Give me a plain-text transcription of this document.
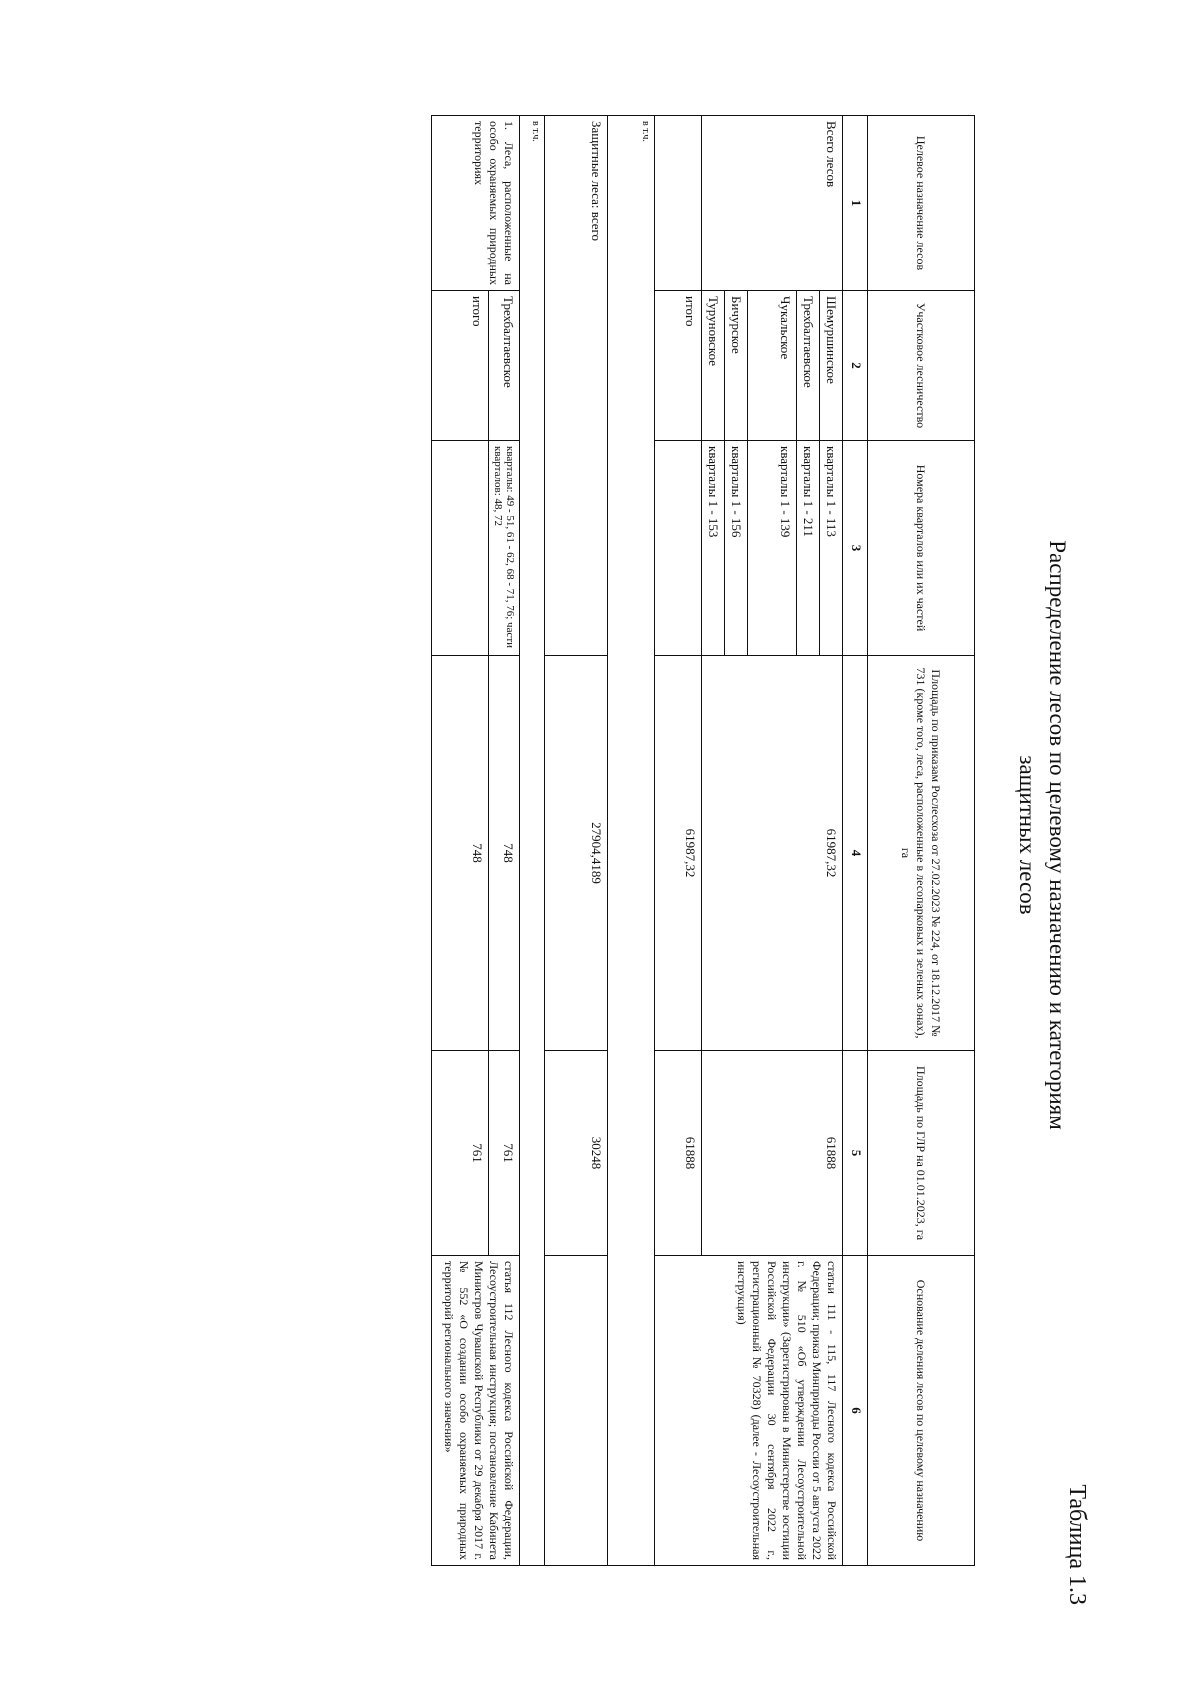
Таблица 1.3
Распределение лесов по целевому назначению и категориям
защитных лесов
Целевое назначение лесов	Участковое лесничество	Номера кварталов или их частей	Площадь по приказам Рослесхоза от 27.02.2023 № 224, от 18.12.2017 № 731 (кроме того, леса, расположенные в лесопарковых и зеленых зонах), га	Площадь по ГЛР на 01.01.2023, га	Основание деления лесов по целевому назначению
1	2	3	4	5	6
Всего лесов	Шемуршинское	кварталы 1 - 113	61987,32	61888	статьи 111 - 115, 117 Лесного кодекса Российской Федерации; приказ Минприроды России от 5 августа 2022 г. № 510 «Об утверждении Лесоустроительной инструкции» (Зарегистрирован в Министерстве юстиции Российской Федерации 30 сентября 2022 г., регистрационный № 70328) (далее - Лесоустроительная инструкция)
	Трехбалтаевское	кварталы 1 - 211			
	Чукальское	кварталы 1 - 139			
	Бичурское	кварталы 1 - 156			
	Туруновское	кварталы 1 - 153			
	итого		61987,32	61888	
в т.ч.					
Защитные леса: всего			27904,4189	30248	
в т.ч.					
1. Леса, расположенные на особо охраняемых природных территориях	Трехбалтаевское	кварталы: 49 - 51, 61 - 62, 68 - 71, 76; части кварталов: 48, 72	748	761	статья 112 Лесного кодекса Российской Федерации, Лесоустроительная инструкция; постановление Кабинета Министров Чувашской Республики от 29 декабря 2017 г. № 552 «О создании особо охраняемых природных территорий регионального значения»
	итого		748	761	
